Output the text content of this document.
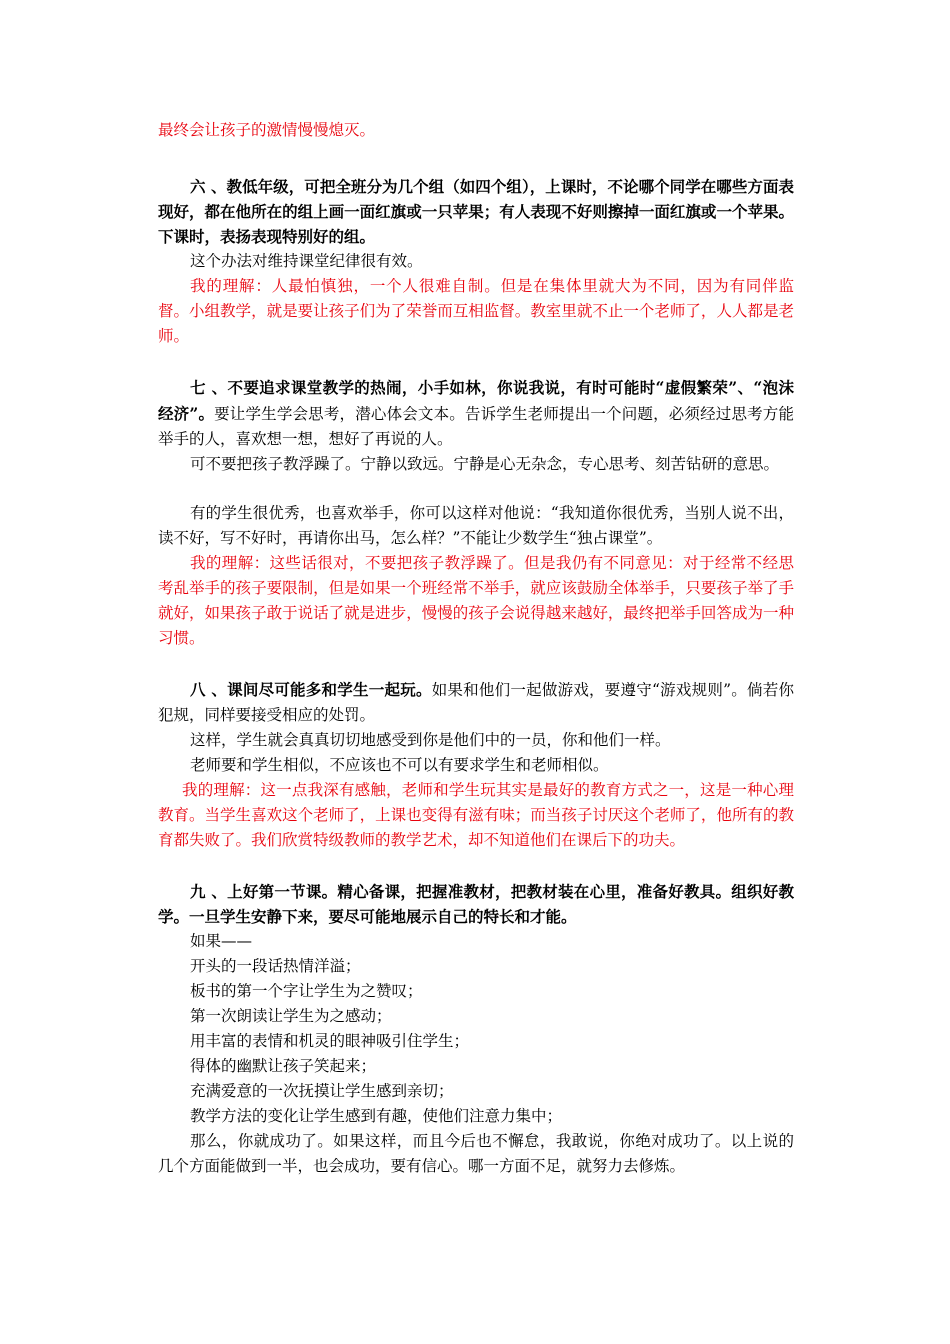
最终会让孩子的激情慢慢熄灭。

六 、教低年级，可把全班分为几个组（如四个组），上课时，不论哪个同学在哪些方面表现好，都在他所在的组上画一面红旗或一只苹果；有人表现不好则擦掉一面红旗或一个苹果。下课时，表扬表现特别好的组。

这个办法对维持课堂纪律很有效。

我的理解：人最怕慎独，一个人很难自制。但是在集体里就大为不同，因为有同伴监督。小组教学，就是要让孩子们为了荣誉而互相监督。教室里就不止一个老师了，人人都是老师。

七 、不要追求课堂教学的热闹，小手如林，你说我说，有时可能时“虚假繁荣”、“泡沫经济”。要让学生学会思考，潜心体会文本。告诉学生老师提出一个问题，必须经过思考方能举手的人，喜欢想一想，想好了再说的人。

可不要把孩子教浮躁了。宁静以致远。宁静是心无杂念，专心思考、刻苦钻研的意思。

有的学生很优秀，也喜欢举手，你可以这样对他说：“我知道你很优秀，当别人说不出，读不好，写不好时，再请你出马，怎么样？”不能让少数学生“独占课堂”。

我的理解：这些话很对，不要把孩子教浮躁了。但是我仍有不同意见：对于经常不经思考乱举手的孩子要限制，但是如果一个班经常不举手，就应该鼓励全体举手，只要孩子举了手就好，如果孩子敢于说话了就是进步，慢慢的孩子会说得越来越好，最终把举手回答成为一种习惯。

八 、课间尽可能多和学生一起玩。如果和他们一起做游戏，要遵守“游戏规则”。倘若你犯规，同样要接受相应的处罚。

这样，学生就会真真切切地感受到你是他们中的一员，你和他们一样。

老师要和学生相似，不应该也不可以有要求学生和老师相似。

我的理解：这一点我深有感触，老师和学生玩其实是最好的教育方式之一，这是一种心理教育。当学生喜欢这个老师了，上课也变得有滋有味；而当孩子讨厌这个老师了，他所有的教育都失败了。我们欣赏特级教师的教学艺术，却不知道他们在课后下的功夫。

九 、上好第一节课。精心备课，把握准教材，把教材装在心里，准备好教具。组织好教学。一旦学生安静下来，要尽可能地展示自己的特长和才能。

如果——

开头的一段话热情洋溢；

板书的第一个字让学生为之赞叹；

第一次朗读让学生为之感动；

用丰富的表情和机灵的眼神吸引住学生；

得体的幽默让孩子笑起来；

充满爱意的一次抚摸让学生感到亲切；

教学方法的变化让学生感到有趣，使他们注意力集中；

那么，你就成功了。如果这样，而且今后也不懈怠，我敢说，你绝对成功了。以上说的几个方面能做到一半，也会成功，要有信心。哪一方面不足，就努力去修炼。
